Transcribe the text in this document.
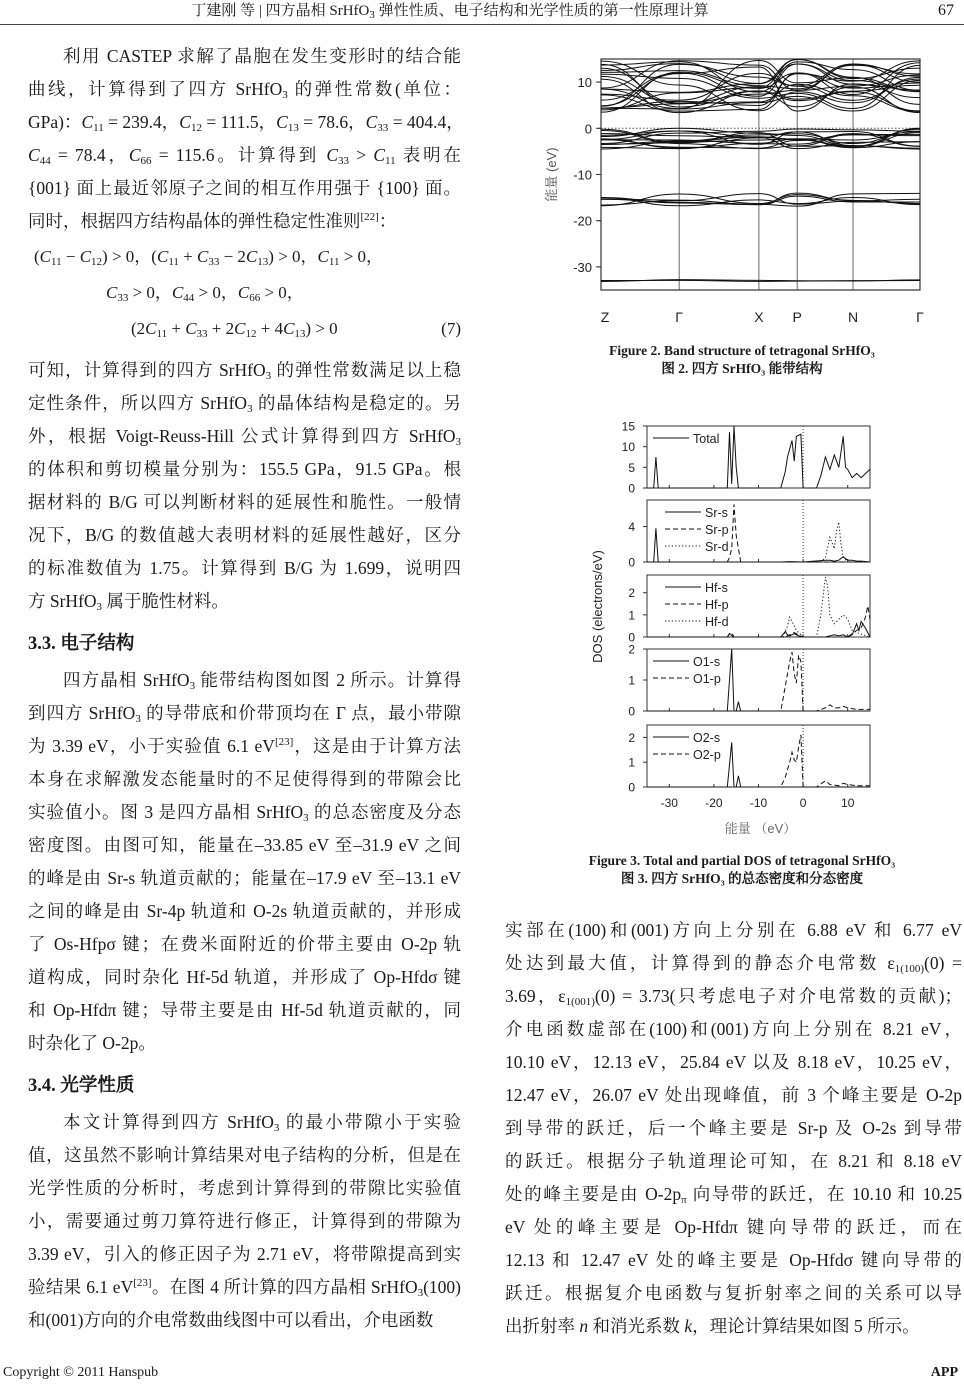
丁建刚 等 | 四方晶相 SrHfO$_3$ 弹性性质、电子结构和光学性质的第一性原理计算	67

利用 CASTEP 求解了晶胞在发生变形时的结合能
曲线，计算得到了四方 SrHfO$_3$ 的弹性常数(单位：
GPa)：$C_{11} = 239.4$，$C_{12} = 111.5$，$C_{13} = 78.6$，$C_{33} = 404.4$，
$C_{44} = 78.4$，$C_{66} = 115.6$。计算得到 $C_{33} > C_{11}$ 表明在
{001} 面上最近邻原子之间的相互作用强于 {100} 面。
同时，根据四方结构晶体的弹性稳定性准则[22]：

$(C_{11} - C_{12}) > 0$，$(C_{11} + C_{33} - 2C_{13}) > 0$，$C_{11} > 0$，
$C_{33} > 0$，$C_{44} > 0$，$C_{66} > 0$，
$(2C_{11} + C_{33} + 2C_{12} + 4C_{13}) > 0$	(7)

可知，计算得到的四方 SrHfO$_3$ 的弹性常数满足以上稳
定性条件，所以四方 SrHfO$_3$ 的晶体结构是稳定的。另
外，根据 Voigt-Reuss-Hill 公式计算得到四方 SrHfO$_3$
的体积和剪切模量分别为：155.5 GPa，91.5 GPa。根
据材料的 B/G 可以判断材料的延展性和脆性。一般情
况下，B/G 的数值越大表明材料的延展性越好，区分
的标准数值为 1.75。计算得到 B/G 为 1.699，说明四
方 SrHfO$_3$ 属于脆性材料。

3.3. 电子结构

四方晶相 SrHfO$_3$ 能带结构图如图 2 所示。计算得
到四方 SrHfO$_3$ 的导带底和价带顶均在 Γ 点，最小带隙
为 3.39 eV，小于实验值 6.1 eV[23]，这是由于计算方法
本身在求解激发态能量时的不足使得得到的带隙会比
实验值小。图 3 是四方晶相 SrHfO$_3$ 的总态密度及分态
密度图。由图可知，能量在–33.85 eV 至–31.9 eV 之间
的峰是由 Sr-s 轨道贡献的；能量在–17.9 eV 至–13.1 eV
之间的峰是由 Sr-4p 轨道和 O-2s 轨道贡献的，并形成
了 Os-Hfpσ 键；在费米面附近的价带主要由 O-2p 轨
道构成，同时杂化 Hf-5d 轨道，并形成了 Op-Hfdσ 键
和 Op-Hfdπ 键；导带主要是由 Hf-5d 轨道贡献的，同
时杂化了 O-2p。

3.4. 光学性质

本文计算得到四方 SrHfO$_3$ 的最小带隙小于实验
值，这虽然不影响计算结果对电子结构的分析，但是在
光学性质的分析时，考虑到计算得到的带隙比实验值
小，需要通过剪刀算符进行修正，计算得到的带隙为
3.39 eV，引入的修正因子为 2.71 eV，将带隙提高到实
验结果 6.1 eV[23]。在图 4 所计算的四方晶相 SrHfO$_3$(100)
和(001)方向的介电常数曲线图中可以看出，介电函数

-30
-20
-10
0
10
能量 (eV)
Z	Γ	X P	N	Γ
Figure 2. Band structure of tetragonal SrHfO₃
图 2. 四方 SrHfO₃ 能带结构
0
5
10
15
Total
0
4
Sr-s
Sr-p
Sr-d
0
1
2	Hf-s
Hf-p
Hf-d
0
1
2
O1-s
O1-p
0
1
2	O2-s
O2-p
-30 -20 -10	0	10
能量 （eV）
DOS (electrons/eV)
Figure 3. Total and partial DOS of tetragonal SrHfO₃
图 3. 四方 SrHfO₃ 的总态密度和分态密度

实部在(100)和(001)方向上分别在 6.88 eV 和 6.77 eV
处达到最大值，计算得到的静态介电常数 $\varepsilon_{1(100)}(0)$ =
3.69，$\varepsilon_{1(001)}(0) = 3.73$(只考虑电子对介电常数的贡献)；
介电函数虚部在(100)和(001)方向上分别在 8.21 eV，
10.10 eV，12.13 eV，25.84 eV 以及 8.18 eV，10.25 eV，
12.47 eV，26.07 eV 处出现峰值，前 3 个峰主要是 O-2p
到导带的跃迁，后一个峰主要是 Sr-p 及 O-2s 到导带
的跃迁。根据分子轨道理论可知，在 8.21 和 8.18 eV
处的峰主要是由 $O-2p_\pi$ 向导带的跃迁，在 10.10 和 10.25
eV 处的峰主要是 Op-Hfdπ 键向导带的跃迁，而在
12.13 和 12.47 eV 处的峰主要是 Op-Hfdσ 键向导带的
跃迁。根据复介电函数与复折射率之间的关系可以导
出折射率 n 和消光系数 k，理论计算结果如图 5 所示。

Copyright © 2011 Hanspub	APP
